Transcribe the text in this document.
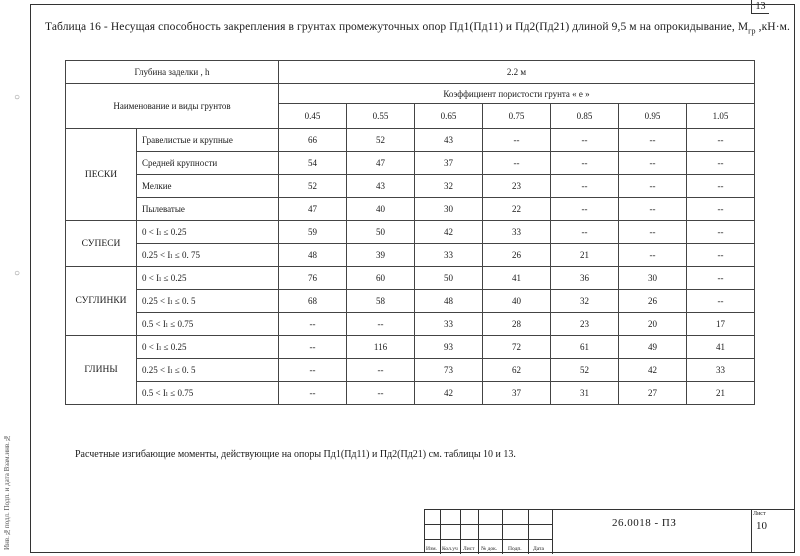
13
○
○
Таблица 16 - Несущая способность закрепления в грунтах промежуточных опор Пд1(Пд11) и Пд2(Пд21) длиной 9,5 м на опрокидывание, $М_{гр}$ ,кН·м.
Глубина заделки , h		2.2 м						
Наименование и виды грунтов		Коэффициент пористости грунта « е »						
		0.45	0.55	0.65	0.75	0.85	0.95	1.05
ПЕСКИ	Гравелистые и крупные	66	52	43	--	--	--	--
	Средней крупности	54	47	37	--	--	--	--
	Мелкие	52	43	32	23	--	--	--
	Пылеватые	47	40	30	22	--	--	--
СУПЕСИ	0 < Iₗ ≤ 0.25	59	50	42	33	--	--	--
	0.25 < Iₗ ≤ 0. 75	48	39	33	26	21	--	--
СУГЛИНКИ	0 < Iₗ ≤ 0.25	76	60	50	41	36	30	--
	0.25 < Iₗ ≤ 0. 5	68	58	48	40	32	26	--
	0.5 < Iₗ ≤ 0.75	--	--	33	28	23	20	17
ГЛИНЫ	0 < Iₗ ≤ 0.25	--	116	93	72	61	49	41
	0.25 < Iₗ ≤ 0. 5	--	--	73	62	52	42	33
	0.5 < Iₗ ≤ 0.75	--	--	42	37	31	27	21
Расчетные изгибающие моменты, действующие на опоры Пд1(Пд11) и Пд2(Пд21) см. таблицы 10 и 13.
Инв.№подл. Подп. и дата Взам.инв.№	Изм. Кол.уч Лист № док. Подп. Дата
26.0018 - ПЗ
Лист
10
